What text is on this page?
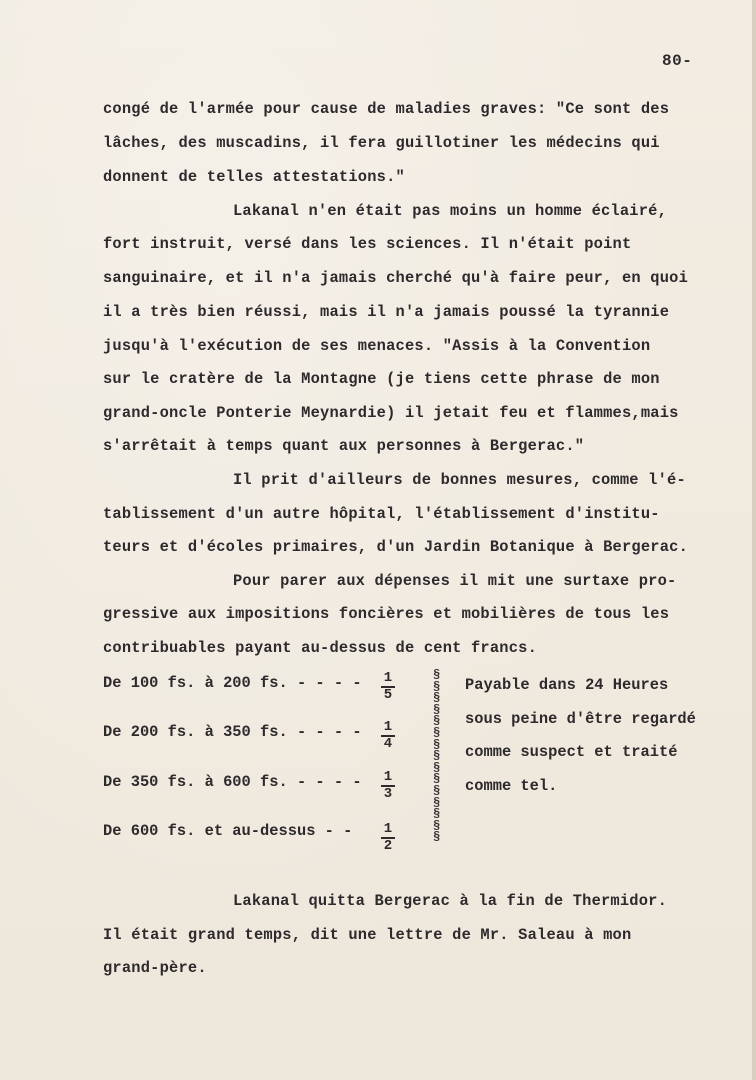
80-
congé de l'armée pour cause de maladies graves: "Ce sont des
lâches, des muscadins, il fera guillotiner les médecins qui
donnent de telles attestations."
Lakanal n'en était pas moins un homme éclairé,
fort instruit, versé dans les sciences. Il n'était point
sanguinaire, et il n'a jamais cherché qu'à faire peur, en quoi
il a très bien réussi, mais il n'a jamais poussé la tyrannie
jusqu'à l'exécution de ses menaces. "Assis à la Convention
sur le cratère de la Montagne (je tiens cette phrase de mon
grand-oncle Ponterie Meynardie) il jetait feu et flammes,mais
s'arrêtait à temps quant aux personnes à Bergerac."
Il prit d'ailleurs de bonnes mesures, comme l'é-
tablissement d'un autre hôpital, l'établissement d'institu-
teurs et d'écoles primaires, d'un Jardin Botanique à Bergerac.
Pour parer aux dépenses il mit une surtaxe pro-
gressive aux impositions foncières et mobilières de tous les
contribuables payant au-dessus de cent francs.
De 100 fs. à 200 fs. - - - - $\frac{1}{5}$
De 200 fs. à 350 fs. - - - - $\frac{1}{4}$
De 350 fs. à 600 fs. - - - - $\frac{1}{3}$
De 600 fs. et au-dessus - - $\frac{1}{2}$
§§§§§§§§§§§§§§§
Payable dans 24 Heures
sous peine d'être regardé
comme suspect et traité
comme tel.
Lakanal quitta Bergerac à la fin de Thermidor.
Il était grand temps, dit une lettre de Mr. Saleau à mon
grand-père.
